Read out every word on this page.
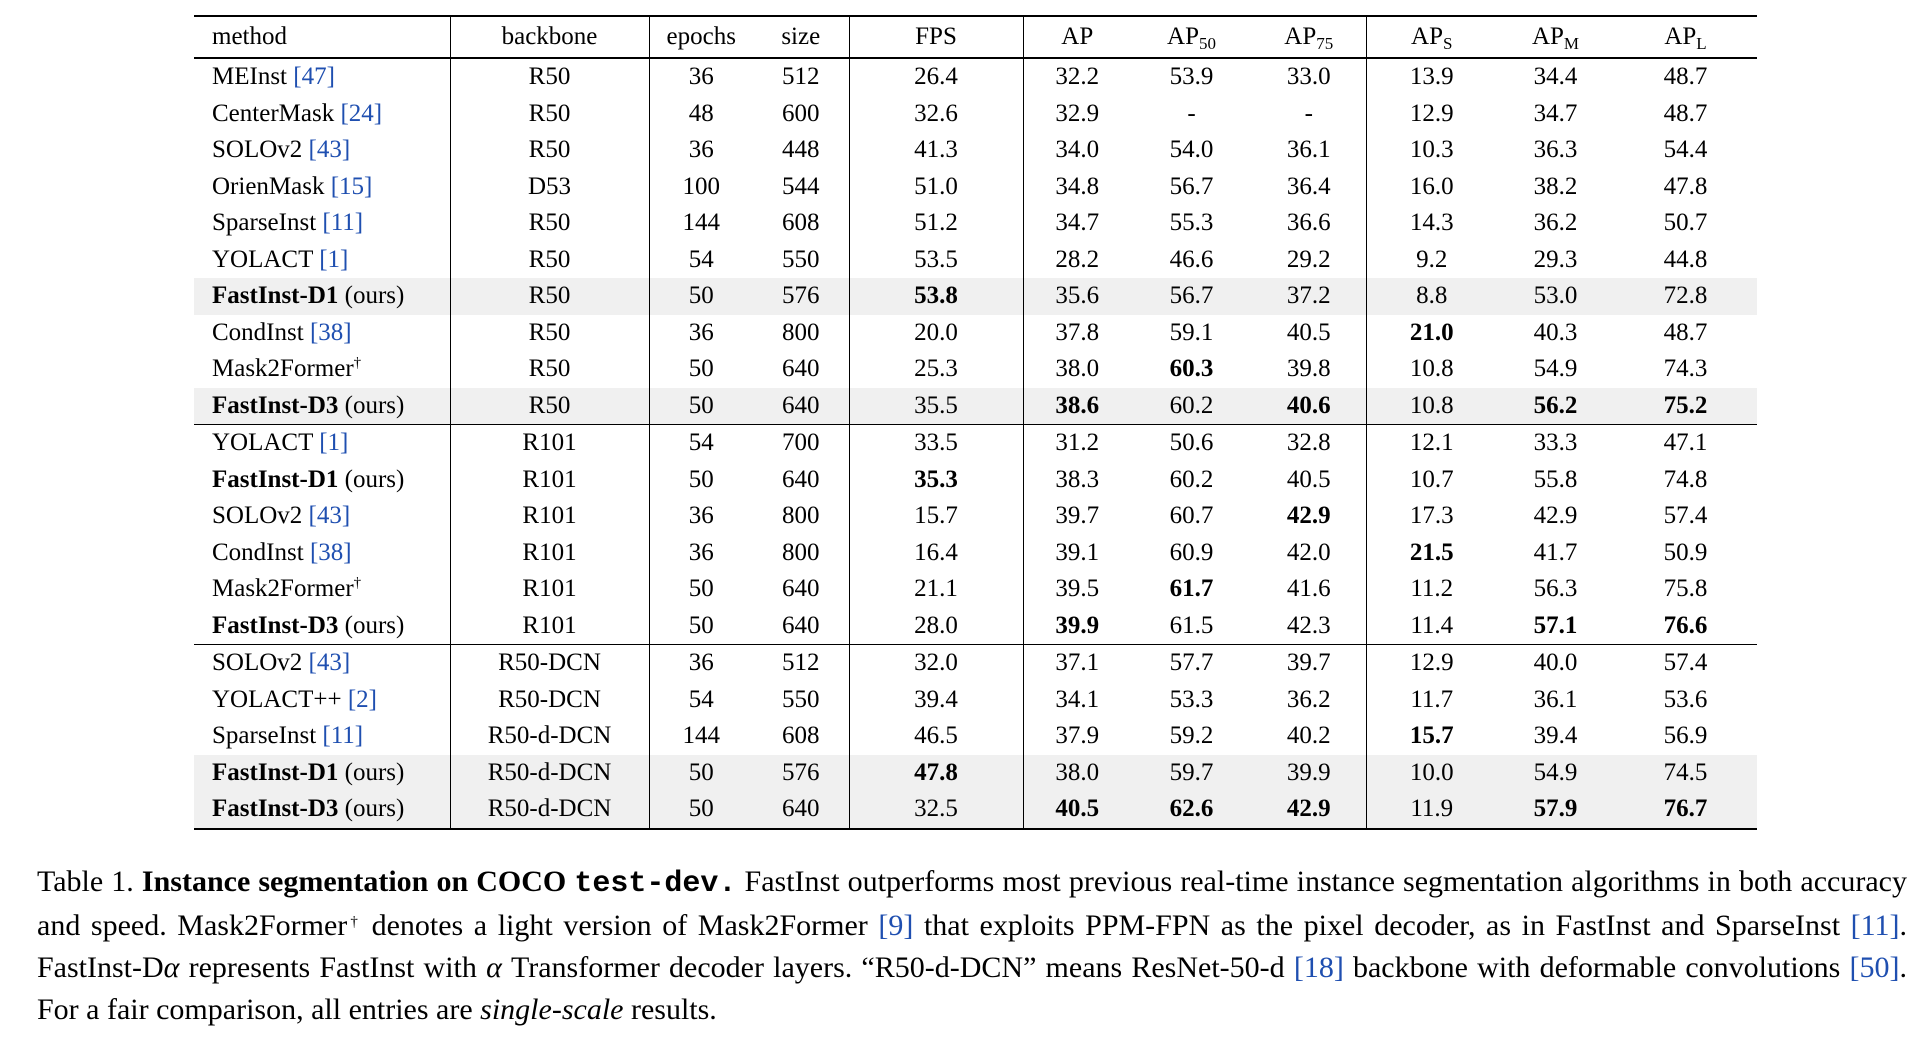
method	backbone	epochs	size	FPS	AP	$AP_{50}$	$AP_{75}$	$AP_S$	$AP_M$	$AP_L$
MEInst [47]	R50	36	512	26.4	32.2	53.9	33.0	13.9	34.4	48.7
CenterMask [24]	R50	48	600	32.6	32.9	-	-	12.9	34.7	48.7
SOLOv2 [43]	R50	36	448	41.3	34.0	54.0	36.1	10.3	36.3	54.4
OrienMask [15]	D53	100	544	51.0	34.8	56.7	36.4	16.0	38.2	47.8
SparseInst [11]	R50	144	608	51.2	34.7	55.3	36.6	14.3	36.2	50.7
YOLACT [1]	R50	54	550	53.5	28.2	46.6	29.2	9.2	29.3	44.8
FastInst-D1 (ours)	R50	50	576	53.8	35.6	56.7	37.2	8.8	53.0	72.8
CondInst [38]	R50	36	800	20.0	37.8	59.1	40.5	21.0	40.3	48.7
Mask2Former†	R50	50	640	25.3	38.0	60.3	39.8	10.8	54.9	74.3
FastInst-D3 (ours)	R50	50	640	35.5	38.6	60.2	40.6	10.8	56.2	75.2
YOLACT [1]	R101	54	700	33.5	31.2	50.6	32.8	12.1	33.3	47.1
FastInst-D1 (ours)	R101	50	640	35.3	38.3	60.2	40.5	10.7	55.8	74.8
SOLOv2 [43]	R101	36	800	15.7	39.7	60.7	42.9	17.3	42.9	57.4
CondInst [38]	R101	36	800	16.4	39.1	60.9	42.0	21.5	41.7	50.9
Mask2Former†	R101	50	640	21.1	39.5	61.7	41.6	11.2	56.3	75.8
FastInst-D3 (ours)	R101	50	640	28.0	39.9	61.5	42.3	11.4	57.1	76.6
SOLOv2 [43]	R50-DCN	36	512	32.0	37.1	57.7	39.7	12.9	40.0	57.4
YOLACT++ [2]	R50-DCN	54	550	39.4	34.1	53.3	36.2	11.7	36.1	53.6
SparseInst [11]	R50-d-DCN	144	608	46.5	37.9	59.2	40.2	15.7	39.4	56.9
FastInst-D1 (ours)	R50-d-DCN	50	576	47.8	38.0	59.7	39.9	10.0	54.9	74.5
FastInst-D3 (ours)	R50-d-DCN	50	640	32.5	40.5	62.6	42.9	11.9	57.9	76.7
Table 1. Instance segmentation on COCO test-dev. FastInst outperforms most previous real-time instance segmentation algorithms in both accuracy and speed. Mask2Former† denotes a light version of Mask2Former [9] that exploits PPM-FPN as the pixel decoder, as in FastInst and SparseInst [11]. FastInst-Dα represents FastInst with α Transformer decoder layers. “R50-d-DCN” means ResNet-50-d [18] backbone with deformable convolutions [50]. For a fair comparison, all entries are single-scale results.
